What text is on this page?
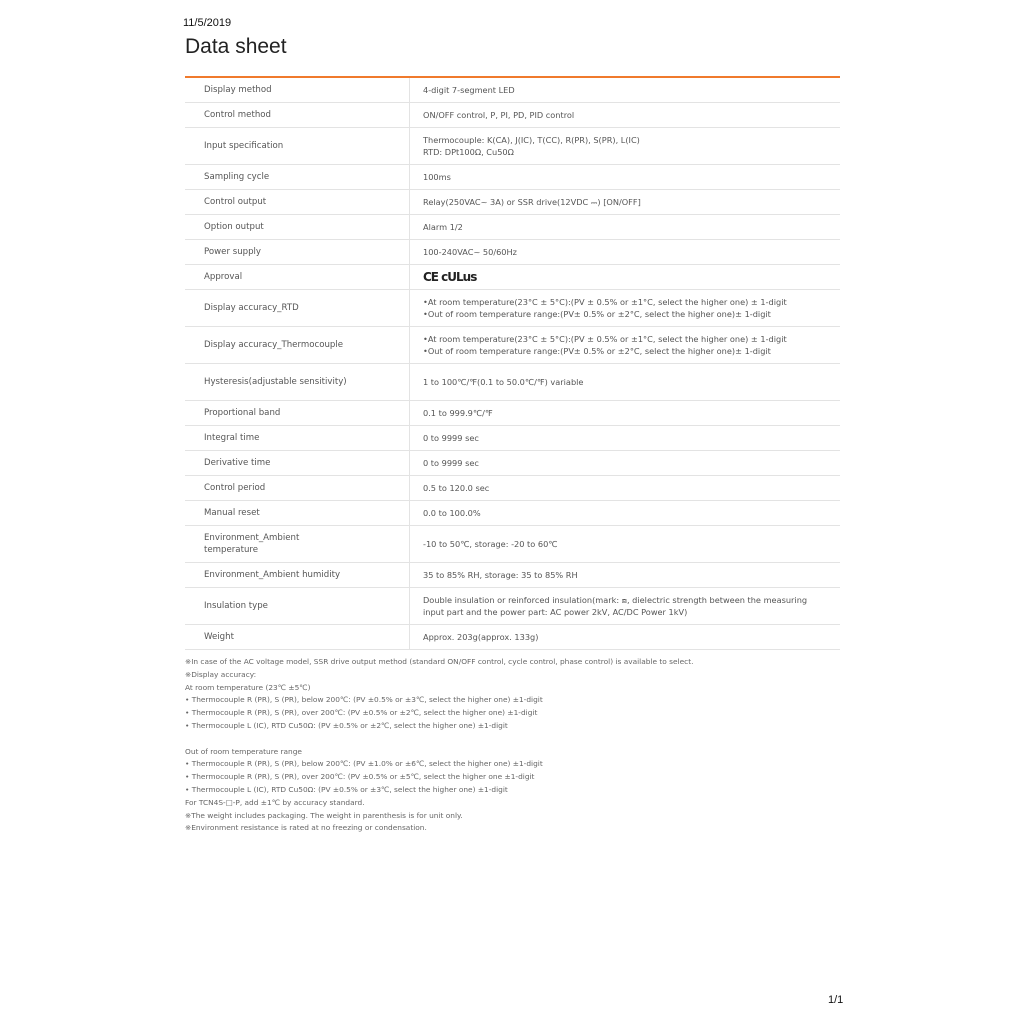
11/5/2019
Data sheet
Display method	4-digit 7-segment LED

Control method	ON/OFF control, P, PI, PD, PID control

Input specification	Thermocouple: K(CA), J(IC), T(CC), R(PR), S(PR), L(IC)
RTD: DPt100Ω, Cu50Ω

Sampling cycle	100ms

Control output	Relay(250VAC~ 3A) or SSR drive(12VDC ⎓) [ON/OFF]

Option output	Alarm 1/2

Power supply	100-240VAC~ 50/60Hz

Approval	CE cULus

Display accuracy_RTD	•At room temperature(23°C ± 5°C):(PV ± 0.5% or ±1°C, select the higher one) ± 1-digit
•Out of room temperature range:(PV± 0.5% or ±2°C, select the higher one)± 1-digit

Display accuracy_Thermocouple	•At room temperature(23°C ± 5°C):(PV ± 0.5% or ±1°C, select the higher one) ± 1-digit
•Out of room temperature range:(PV± 0.5% or ±2°C, select the higher one)± 1-digit

Hysteresis(adjustable sensitivity)	1 to 100℃/℉(0.1 to 50.0℃/℉) variable

Proportional band	0.1 to 999.9℃/℉

Integral time	0 to 9999 sec

Derivative time	0 to 9999 sec

Control period	0.5 to 120.0 sec

Manual reset	0.0 to 100.0%

Environment_Ambient temperature	-10 to 50℃, storage: -20 to 60℃

Environment_Ambient humidity	35 to 85% RH, storage: 35 to 85% RH

Insulation type	Double insulation or reinforced insulation(mark: ⧈, dielectric strength between the measuring input part and the power part: AC power 2kV, AC/DC Power 1kV)

Weight	Approx. 203g(approx. 133g)
※In case of the AC voltage model, SSR drive output method (standard ON/OFF control, cycle control, phase control) is available to select.
※Display accuracy:
At room temperature (23℃ ±5℃)
• Thermocouple R (PR), S (PR), below 200℃: (PV ±0.5% or ±3℃, select the higher one) ±1-digit
• Thermocouple R (PR), S (PR), over 200℃: (PV ±0.5% or ±2℃, select the higher one) ±1-digit
• Thermocouple L (IC), RTD Cu50Ω: (PV ±0.5% or ±2℃, select the higher one) ±1-digit
Out of room temperature range
• Thermocouple R (PR), S (PR), below 200℃: (PV ±1.0% or ±6℃, select the higher one) ±1-digit
• Thermocouple R (PR), S (PR), over 200℃: (PV ±0.5% or ±5℃, select the higher one ±1-digit
• Thermocouple L (IC), RTD Cu50Ω: (PV ±0.5% or ±3℃, select the higher one) ±1-digit
For TCN4S-□-P, add ±1℃ by accuracy standard.
※The weight includes packaging. The weight in parenthesis is for unit only.
※Environment resistance is rated at no freezing or condensation.
1/1
